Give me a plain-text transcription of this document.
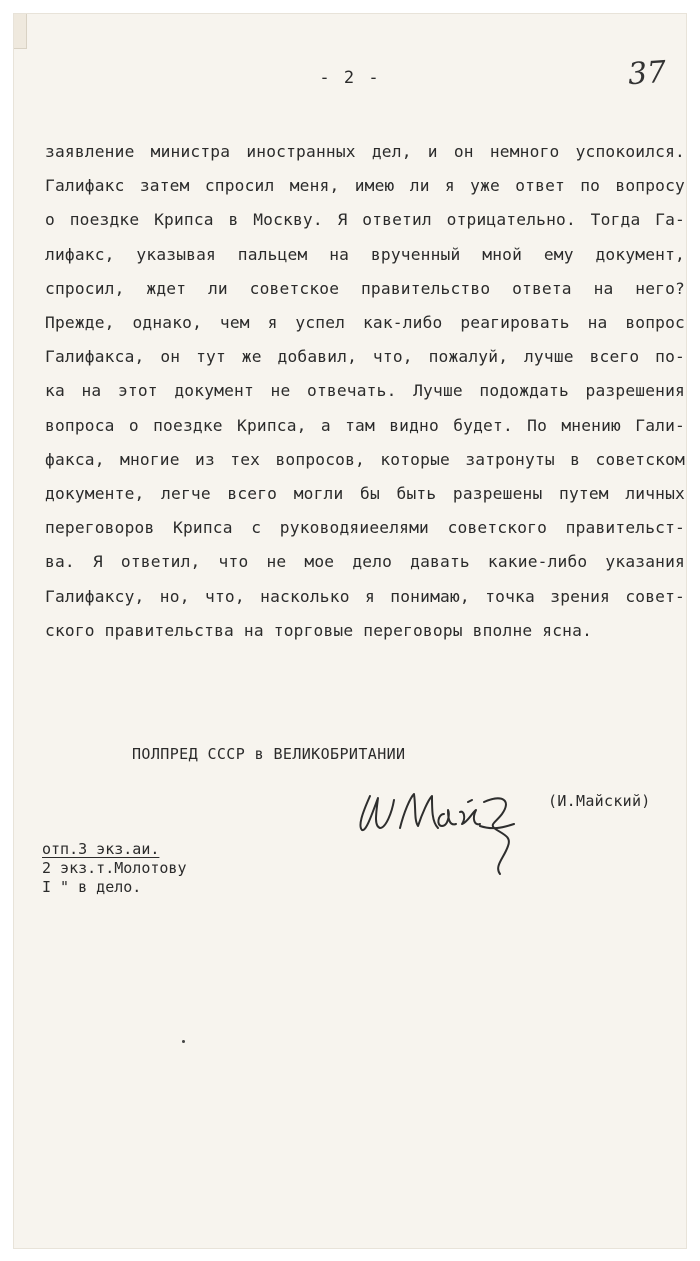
- 2 -	37
заявление министра иностранных дел, и он немного успокоился.
Галифакс затем спросил меня, имею ли я уже ответ по вопросу
о поездке Крипса в Москву. Я ответил отрицательно. Тогда Га-
лифакс, указывая пальцем на врученный мной ему документ,
спросил, ждет ли советское правительство ответа на него?
Прежде, однако, чем я успел как-либо реагировать на вопрос
Галифакса, он тут же добавил, что, пожалуй, лучше всего по-
ка на этот документ не отвечать. Лучше подождать разрешения
вопроса о поездке Крипса, а там видно будет. По мнению Гали-
факса, многие из тех вопросов, которые затронуты в советском
документе, легче всего могли бы быть разрешены путем личных
переговоров Крипса с руководяиеелями советского правительст-
ва. Я ответил, что не мое дело давать какие-либо указания
Галифаксу, но, что, насколько я понимаю, точка зрения совет-
ского правительства на торговые переговоры вполне ясна.
ПОЛПРЕД СССР в ВЕЛИКОБРИТАНИИ
(И.Майский)
отп.3 экз.аи.
2 экз.т.Молотову
I " в дело.
